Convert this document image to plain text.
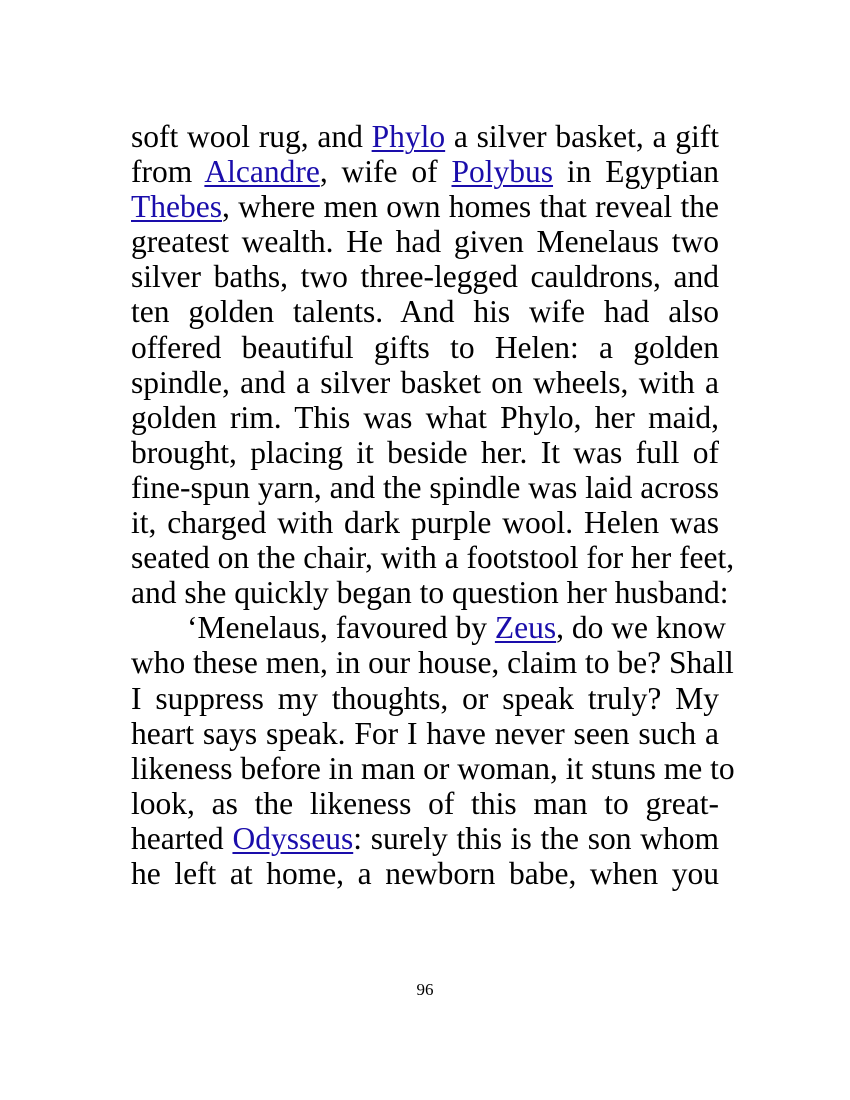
soft wool rug, and Phylo a silver basket, a gift
from Alcandre, wife of Polybus in Egyptian
Thebes, where men own homes that reveal the
greatest wealth. He had given Menelaus two
silver baths, two three-legged cauldrons, and
ten golden talents. And his wife had also
offered beautiful gifts to Helen: a golden
spindle, and a silver basket on wheels, with a
golden rim. This was what Phylo, her maid,
brought, placing it beside her. It was full of
fine-spun yarn, and the spindle was laid across
it, charged with dark purple wool. Helen was
seated on the chair, with a footstool for her feet,
and she quickly began to question her husband:
‘Menelaus, favoured by Zeus, do we know
who these men, in our house, claim to be? Shall
I suppress my thoughts, or speak truly? My
heart says speak. For I have never seen such a
likeness before in man or woman, it stuns me to
look, as the likeness of this man to great-
hearted Odysseus: surely this is the son whom
he left at home, a newborn babe, when you
96
